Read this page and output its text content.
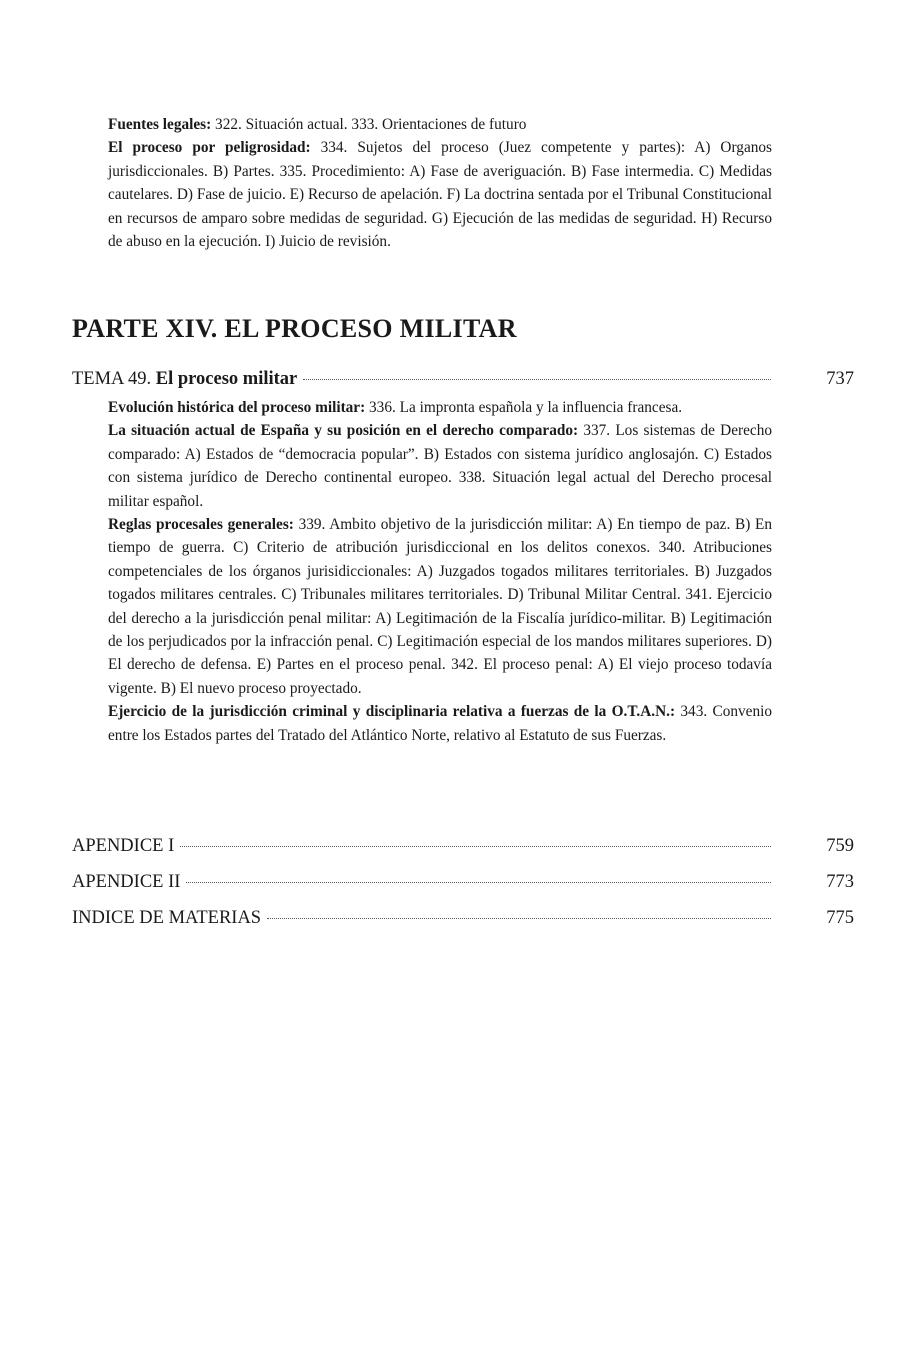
Fuentes legales: 322. Situación actual. 333. Orientaciones de futuro

El proceso por peligrosidad: 334. Sujetos del proceso (Juez competente y partes): A) Organos jurisdiccionales. B) Partes. 335. Procedimiento: A) Fase de averiguación. B) Fase intermedia. C) Medidas cautelares. D) Fase de juicio. E) Recurso de apelación. F) La doctrina sentada por el Tribunal Constitucional en recursos de amparo sobre medidas de seguridad. G) Ejecución de las medidas de seguridad. H) Recurso de abuso en la ejecución. I) Juicio de revisión.

PARTE XIV. EL PROCESO MILITAR
TEMA 49. El proceso militar	737

Evolución histórica del proceso militar: 336. La impronta española y la influencia francesa.

La situación actual de España y su posición en el derecho comparado: 337. Los sistemas de Derecho comparado: A) Estados de “democracia popular”. B) Estados con sistema jurídico anglosajón. C) Estados con sistema jurídico de Derecho continental europeo. 338. Situación legal actual del Derecho procesal militar español.

Reglas procesales generales: 339. Ambito objetivo de la jurisdicción militar: A) En tiempo de paz. B) En tiempo de guerra. C) Criterio de atribución jurisdiccional en los delitos conexos. 340. Atribuciones competenciales de los órganos jurisidiccionales: A) Juzgados togados militares territoriales. B) Juzgados togados militares centrales. C) Tribunales militares territoriales. D) Tribunal Militar Central. 341. Ejercicio del derecho a la jurisdicción penal militar: A) Legitimación de la Fiscalía jurídico-militar. B) Legitimación de los perjudicados por la infracción penal. C) Legitimación especial de los mandos militares superiores. D) El derecho de defensa. E) Partes en el proceso penal. 342. El proceso penal: A) El viejo proceso todavía vigente. B) El nuevo proceso proyectado.

Ejercicio de la jurisdicción criminal y disciplinaria relativa a fuerzas de la O.T.A.N.: 343. Convenio entre los Estados partes del Tratado del Atlántico Norte, relativo al Estatuto de sus Fuerzas.

APENDICE I	759
APENDICE II	773
INDICE DE MATERIAS	775
